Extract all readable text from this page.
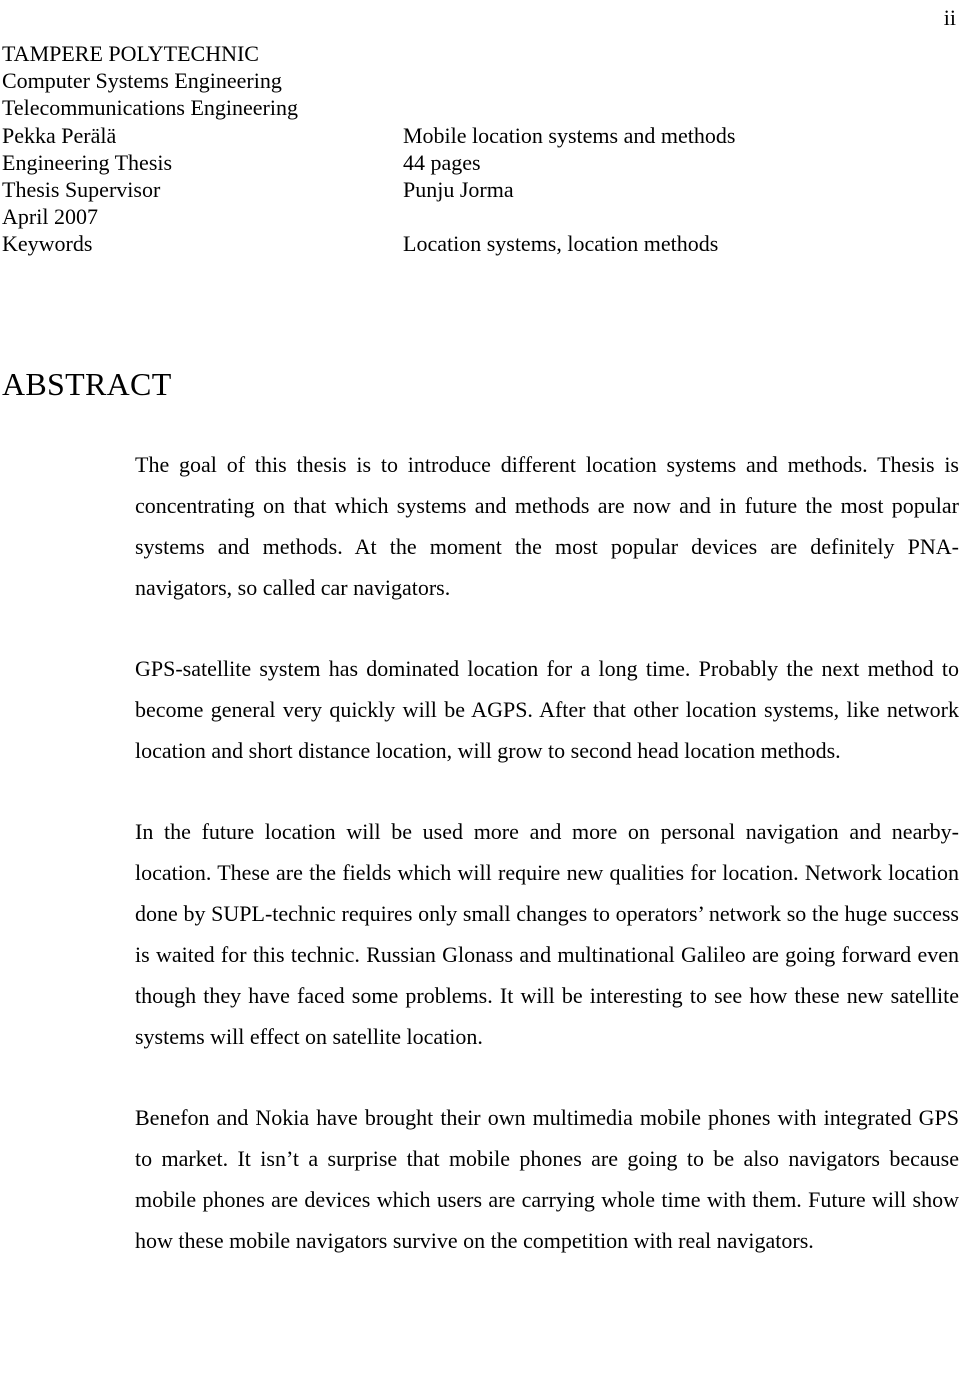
ii
TAMPERE POLYTECHNIC
Computer Systems Engineering
Telecommunications Engineering
Pekka Perälä	Mobile location systems and methods
Engineering Thesis	44 pages
Thesis Supervisor	Punju Jorma
April 2007
Keywords	Location systems, location methods
ABSTRACT

The goal of this thesis is to introduce different location systems and methods. Thesis is concentrating on that which systems and methods are now and in future the most popular systems and methods. At the moment the most popular devices are definitely PNA-navigators, so called car navigators.

GPS-satellite system has dominated location for a long time. Probably the next method to become general very quickly will be AGPS. After that other location systems, like network location and short distance location, will grow to second head location methods.

In the future location will be used more and more on personal navigation and nearby-location. These are the fields which will require new qualities for location. Network location done by SUPL-technic requires only small changes to operators’ network so the huge success is waited for this technic. Russian Glonass and multinational Galileo are going forward even though they have faced some problems. It will be interesting to see how these new satellite systems will effect on satellite location.

Benefon and Nokia have brought their own multimedia mobile phones with integrated GPS to market. It isn’t a surprise that mobile phones are going to be also navigators because mobile phones are devices which users are carrying whole time with them. Future will show how these mobile navigators survive on the competition with real navigators.
